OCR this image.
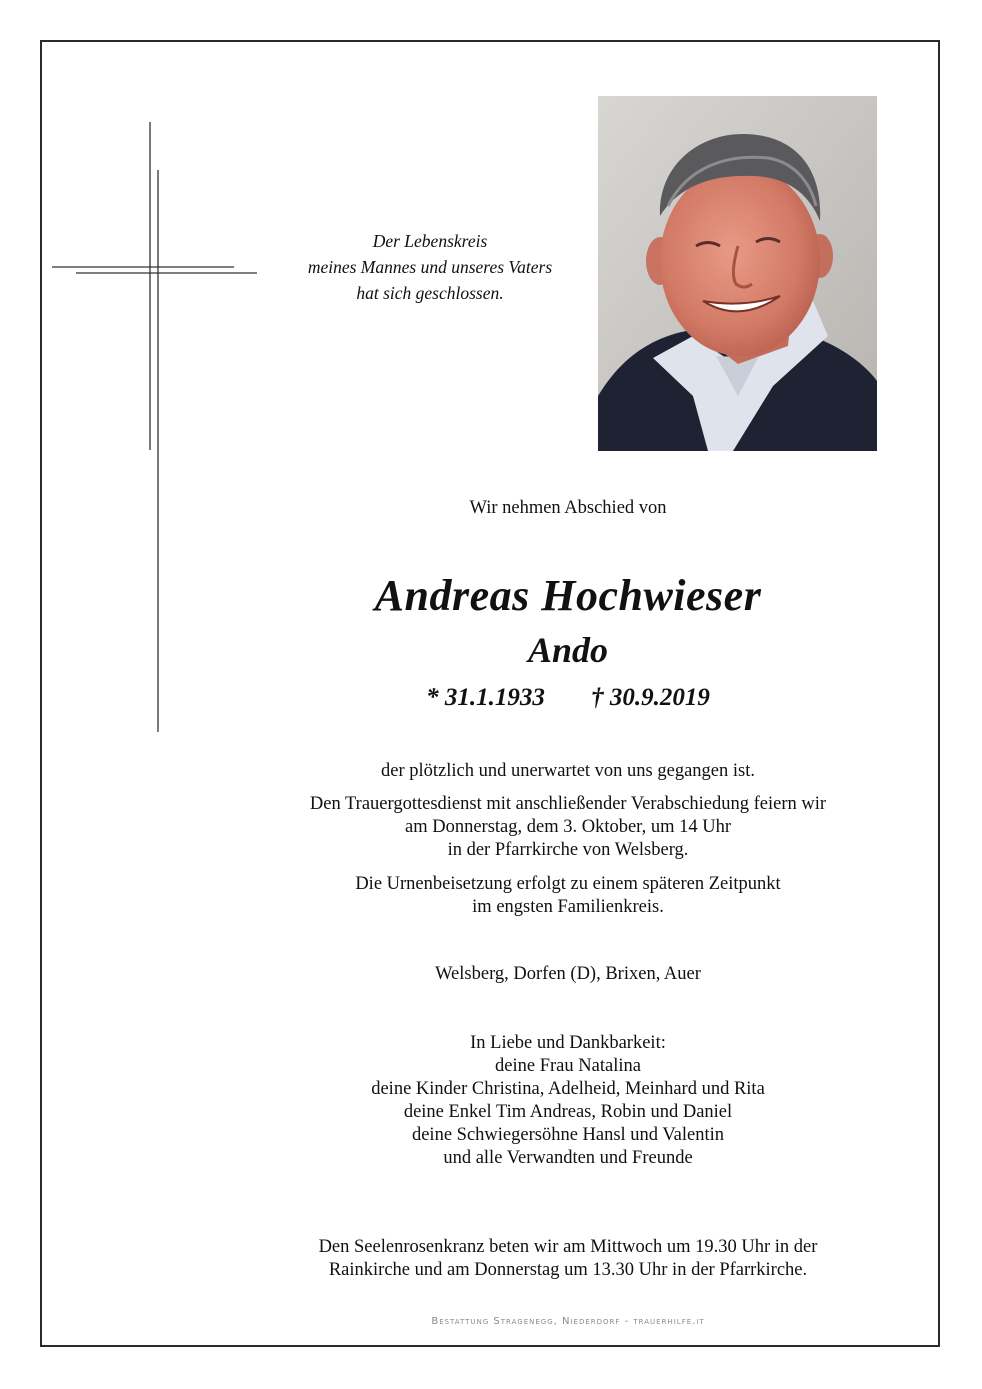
Der Lebenskreis
meines Mannes und unseres Vaters
hat sich geschlossen.
Wir nehmen Abschied von
Andreas Hochwieser
Ando
* 31.1.1933 † 30.9.2019
der plötzlich und unerwartet von uns gegangen ist.
Den Trauergottesdienst mit anschließender Verabschiedung feiern wir
am Donnerstag, dem 3. Oktober, um 14 Uhr
in der Pfarrkirche von Welsberg.
Die Urnenbeisetzung erfolgt zu einem späteren Zeitpunkt
im engsten Familienkreis.
Welsberg, Dorfen (D), Brixen, Auer
In Liebe und Dankbarkeit:
deine Frau Natalina
deine Kinder Christina, Adelheid, Meinhard und Rita
deine Enkel Tim Andreas, Robin und Daniel
deine Schwiegersöhne Hansl und Valentin
und alle Verwandten und Freunde
Den Seelenrosenkranz beten wir am Mittwoch um 19.30 Uhr in der
Rainkirche und am Donnerstag um 13.30 Uhr in der Pfarrkirche.
Bestattung Stragenegg, Niederdorf - trauerhilfe.it
